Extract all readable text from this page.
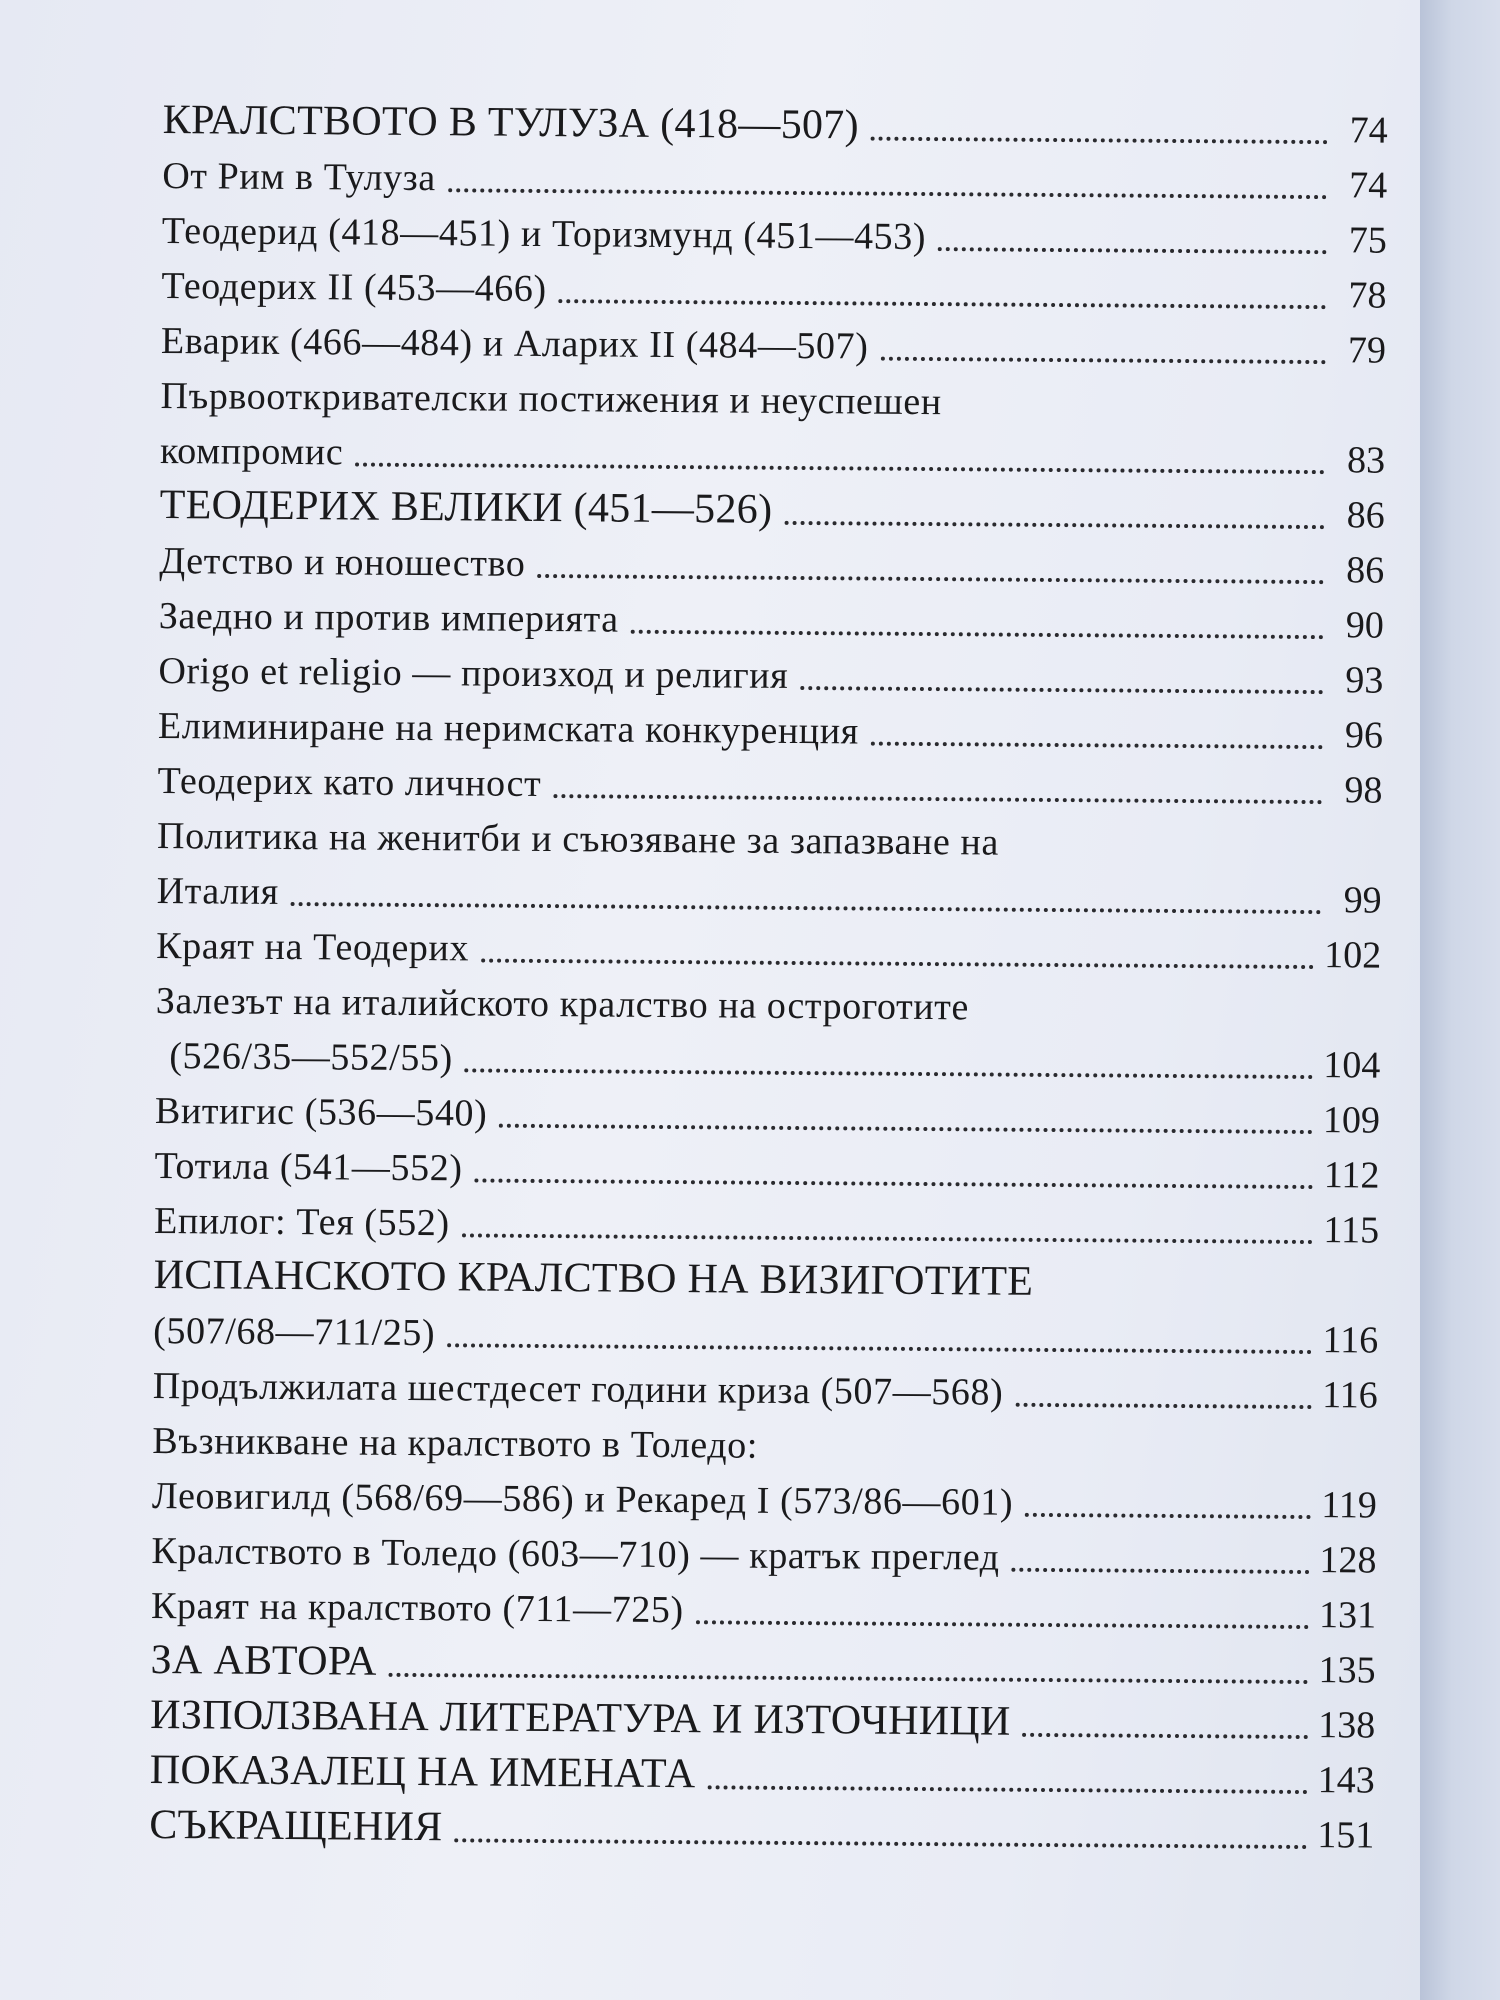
КРАЛСТВОТО В ТУЛУЗА (418—507)	74
От Рим в Тулуза	74
Теодерид (418—451) и Торизмунд (451—453)	75
Теодерих II (453—466)	78
Еварик (466—484) и Аларих II (484—507)	79
Първооткривателски постижения и неуспешен
компромис	83
ТЕОДЕРИХ ВЕЛИКИ (451—526)	86
Детство и юношество	86
Заедно и против империята	90
Origo et religio — произход и религия	93
Елиминиране на неримската конкуренция	96
Теодерих като личност	98
Политика на женитби и съюзяване за запазване на
Италия	99
Краят на Теодерих	102
Залезът на италийското кралство на остроготите
(526/35—552/55)	104
Витигис (536—540)	109
Тотила (541—552)	112
Епилог: Тея (552)	115
ИСПАНСКОТО КРАЛСТВО НА ВИЗИГОТИТЕ
(507/68—711/25)	116
Продължилата шестдесет години криза (507—568)	116
Възникване на кралството в Толедо:
Леовигилд (568/69—586) и Рекаред I (573/86—601)	119
Кралството в Толедо (603—710) — кратък преглед	128
Краят на кралството (711—725)	131
ЗА АВТОРА	135
ИЗПОЛЗВАНА ЛИТЕРАТУРА И ИЗТОЧНИЦИ	138
ПОКАЗАЛЕЦ НА ИМЕНАТА	143
СЪКРАЩЕНИЯ	151
